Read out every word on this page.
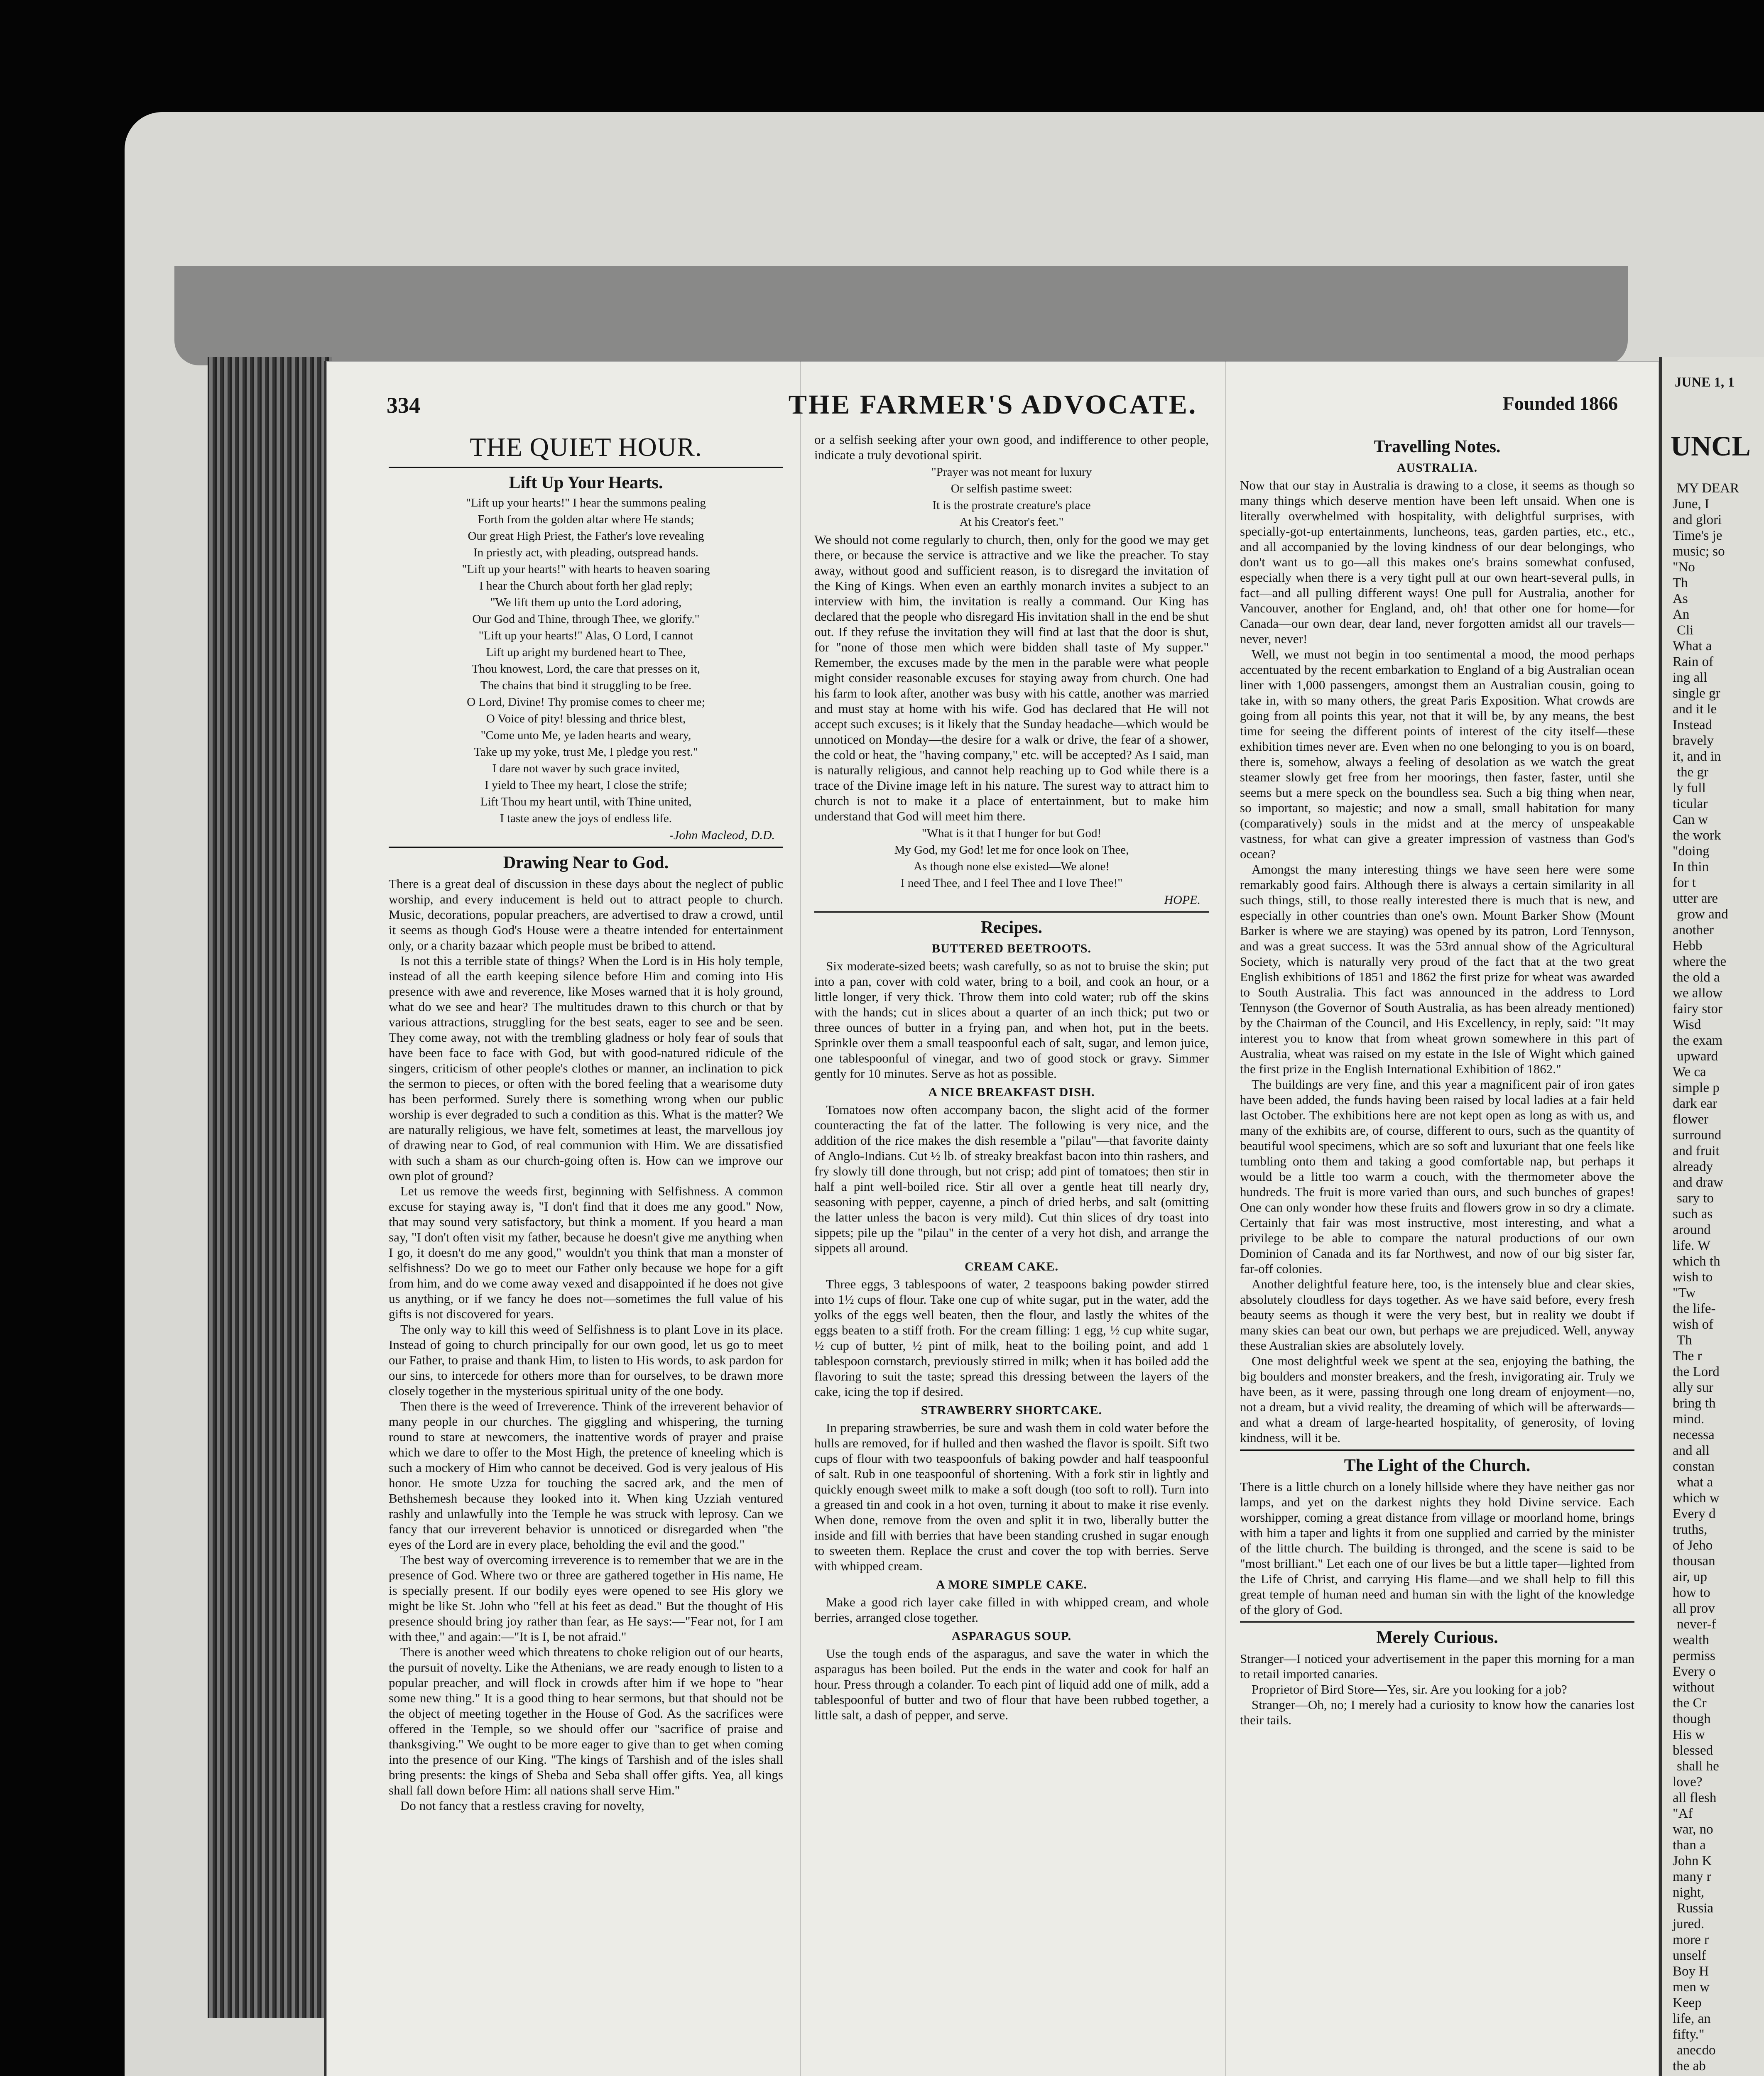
334	THE FARMER'S ADVOCATE.	Founded 1866
THE QUIET HOUR.
Lift Up Your Hearts.
"Lift up your hearts!" I hear the summons pealing
Forth from the golden altar where He stands;
Our great High Priest, the Father's love revealing
In priestly act, with pleading, outspread hands.
"Lift up your hearts!" with hearts to heaven soaring
I hear the Church about forth her glad reply;
"We lift them up unto the Lord adoring,
Our God and Thine, through Thee, we glorify."
"Lift up your hearts!" Alas, O Lord, I cannot
Lift up aright my burdened heart to Thee,
Thou knowest, Lord, the care that presses on it,
The chains that bind it struggling to be free.
O Lord, Divine! Thy promise comes to cheer me;
O Voice of pity! blessing and thrice blest,
"Come unto Me, ye laden hearts and weary,
Take up my yoke, trust Me, I pledge you rest."
I dare not waver by such grace invited,
I yield to Thee my heart, I close the strife;
Lift Thou my heart until, with Thine united,
I taste anew the joys of endless life.
-John Macleod, D.D.
Drawing Near to God.

There is a great deal of discussion in these days about the neglect of public worship, and every inducement is held out to attract people to church. Music, decorations, popular preachers, are advertised to draw a crowd, until it seems as though God's House were a theatre intended for entertainment only, or a charity bazaar which people must be bribed to attend.

Is not this a terrible state of things? When the Lord is in His holy temple, instead of all the earth keeping silence before Him and coming into His presence with awe and reverence, like Moses warned that it is holy ground, what do we see and hear? The multitudes drawn to this church or that by various attractions, struggling for the best seats, eager to see and be seen. They come away, not with the trembling gladness or holy fear of souls that have been face to face with God, but with good-natured ridicule of the singers, criticism of other people's clothes or manner, an inclination to pick the sermon to pieces, or often with the bored feeling that a wearisome duty has been performed. Surely there is something wrong when our public worship is ever degraded to such a condition as this. What is the matter? We are naturally religious, we have felt, sometimes at least, the marvellous joy of drawing near to God, of real communion with Him. We are dissatisfied with such a sham as our church-going often is. How can we improve our own plot of ground?

Let us remove the weeds first, beginning with Selfishness. A common excuse for staying away is, "I don't find that it does me any good." Now, that may sound very satisfactory, but think a moment. If you heard a man say, "I don't often visit my father, because he doesn't give me anything when I go, it doesn't do me any good," wouldn't you think that man a monster of selfishness? Do we go to meet our Father only because we hope for a gift from him, and do we come away vexed and disappointed if he does not give us anything, or if we fancy he does not—sometimes the full value of his gifts is not discovered for years.

The only way to kill this weed of Selfishness is to plant Love in its place. Instead of going to church principally for our own good, let us go to meet our Father, to praise and thank Him, to listen to His words, to ask pardon for our sins, to intercede for others more than for ourselves, to be drawn more closely together in the mysterious spiritual unity of the one body.

Then there is the weed of Irreverence. Think of the irreverent behavior of many people in our churches. The giggling and whispering, the turning round to stare at newcomers, the inattentive words of prayer and praise which we dare to offer to the Most High, the pretence of kneeling which is such a mockery of Him who cannot be deceived. God is very jealous of His honor. He smote Uzza for touching the sacred ark, and the men of Bethshemesh because they looked into it. When king Uzziah ventured rashly and unlawfully into the Temple he was struck with leprosy. Can we fancy that our irreverent behavior is unnoticed or disregarded when "the eyes of the Lord are in every place, beholding the evil and the good."

The best way of overcoming irreverence is to remember that we are in the presence of God. Where two or three are gathered together in His name, He is specially present. If our bodily eyes were opened to see His glory we might be like St. John who "fell at his feet as dead." But the thought of His presence should bring joy rather than fear, as He says:—"Fear not, for I am with thee," and again:—"It is I, be not afraid."

There is another weed which threatens to choke religion out of our hearts, the pursuit of novelty. Like the Athenians, we are ready enough to listen to a popular preacher, and will flock in crowds after him if we hope to "hear some new thing." It is a good thing to hear sermons, but that should not be the object of meeting together in the House of God. As the sacrifices were offered in the Temple, so we should offer our "sacrifice of praise and thanksgiving." We ought to be more eager to give than to get when coming into the presence of our King. "The kings of Tarshish and of the isles shall bring presents: the kings of Sheba and Seba shall offer gifts. Yea, all kings shall fall down before Him: all nations shall serve Him."

Do not fancy that a restless craving for novelty,

or a selfish seeking after your own good, and indifference to other people, indicate a truly devotional spirit.

"Prayer was not meant for luxury
Or selfish pastime sweet:
It is the prostrate creature's place
At his Creator's feet."

We should not come regularly to church, then, only for the good we may get there, or because the service is attractive and we like the preacher. To stay away, without good and sufficient reason, is to disregard the invitation of the King of Kings. When even an earthly monarch invites a subject to an interview with him, the invitation is really a command. Our King has declared that the people who disregard His invitation shall in the end be shut out. If they refuse the invitation they will find at last that the door is shut, for "none of those men which were bidden shall taste of My supper." Remember, the excuses made by the men in the parable were what people might consider reasonable excuses for staying away from church. One had his farm to look after, another was busy with his cattle, another was married and must stay at home with his wife. God has declared that He will not accept such excuses; is it likely that the Sunday headache—which would be unnoticed on Monday—the desire for a walk or drive, the fear of a shower, the cold or heat, the "having company," etc. will be accepted? As I said, man is naturally religious, and cannot help reaching up to God while there is a trace of the Divine image left in his nature. The surest way to attract him to church is not to make it a place of entertainment, but to make him understand that God will meet him there.

"What is it that I hunger for but God!
My God, my God! let me for once look on Thee,
As though none else existed—We alone!
I need Thee, and I feel Thee and I love Thee!"
HOPE.
Recipes.
BUTTERED BEETROOTS.

Six moderate-sized beets; wash carefully, so as not to bruise the skin; put into a pan, cover with cold water, bring to a boil, and cook an hour, or a little longer, if very thick. Throw them into cold water; rub off the skins with the hands; cut in slices about a quarter of an inch thick; put two or three ounces of butter in a frying pan, and when hot, put in the beets. Sprinkle over them a small teaspoonful each of salt, sugar, and lemon juice, one tablespoonful of vinegar, and two of good stock or gravy. Simmer gently for 10 minutes. Serve as hot as possible.

A NICE BREAKFAST DISH.

Tomatoes now often accompany bacon, the slight acid of the former counteracting the fat of the latter. The following is very nice, and the addition of the rice makes the dish resemble a "pilau"—that favorite dainty of Anglo-Indians. Cut ½ lb. of streaky breakfast bacon into thin rashers, and fry slowly till done through, but not crisp; add pint of tomatoes; then stir in half a pint well-boiled rice. Stir all over a gentle heat till nearly dry, seasoning with pepper, cayenne, a pinch of dried herbs, and salt (omitting the latter unless the bacon is very mild). Cut thin slices of dry toast into sippets; pile up the "pilau" in the center of a very hot dish, and arrange the sippets all around.

CREAM CAKE.

Three eggs, 3 tablespoons of water, 2 teaspoons baking powder stirred into 1½ cups of flour. Take one cup of white sugar, put in the water, add the yolks of the eggs well beaten, then the flour, and lastly the whites of the eggs beaten to a stiff froth. For the cream filling: 1 egg, ½ cup white sugar, ½ cup of butter, ½ pint of milk, heat to the boiling point, and add 1 tablespoon cornstarch, previously stirred in milk; when it has boiled add the flavoring to suit the taste; spread this dressing between the layers of the cake, icing the top if desired.

STRAWBERRY SHORTCAKE.

In preparing strawberries, be sure and wash them in cold water before the hulls are removed, for if hulled and then washed the flavor is spoilt. Sift two cups of flour with two teaspoonfuls of baking powder and half teaspoonful of salt. Rub in one teaspoonful of shortening. With a fork stir in lightly and quickly enough sweet milk to make a soft dough (too soft to roll). Turn into a greased tin and cook in a hot oven, turning it about to make it rise evenly. When done, remove from the oven and split it in two, liberally butter the inside and fill with berries that have been standing crushed in sugar enough to sweeten them. Replace the crust and cover the top with berries. Serve with whipped cream.

A MORE SIMPLE CAKE.

Make a good rich layer cake filled in with whipped cream, and whole berries, arranged close together.

ASPARAGUS SOUP.

Use the tough ends of the asparagus, and save the water in which the asparagus has been boiled. Put the ends in the water and cook for half an hour. Press through a colander. To each pint of liquid add one of milk, add a tablespoonful of butter and two of flour that have been rubbed together, a little salt, a dash of pepper, and serve.

Travelling Notes.
AUSTRALIA.

Now that our stay in Australia is drawing to a close, it seems as though so many things which deserve mention have been left unsaid. When one is literally overwhelmed with hospitality, with delightful surprises, with specially-got-up entertainments, luncheons, teas, garden parties, etc., etc., and all accompanied by the loving kindness of our dear belongings, who don't want us to go—all this makes one's brains somewhat confused, especially when there is a very tight pull at our own heart-several pulls, in fact—and all pulling different ways! One pull for Australia, another for Vancouver, another for England, and, oh! that other one for home—for Canada—our own dear, dear land, never forgotten amidst all our travels—never, never!

Well, we must not begin in too sentimental a mood, the mood perhaps accentuated by the recent embarkation to England of a big Australian ocean liner with 1,000 passengers, amongst them an Australian cousin, going to take in, with so many others, the great Paris Exposition. What crowds are going from all points this year, not that it will be, by any means, the best time for seeing the different points of interest of the city itself—these exhibition times never are. Even when no one belonging to you is on board, there is, somehow, always a feeling of desolation as we watch the great steamer slowly get free from her moorings, then faster, faster, until she seems but a mere speck on the boundless sea. Such a big thing when near, so important, so majestic; and now a small, small habitation for many (comparatively) souls in the midst and at the mercy of unspeakable vastness, for what can give a greater impression of vastness than God's ocean?

Amongst the many interesting things we have seen here were some remarkably good fairs. Although there is always a certain similarity in all such things, still, to those really interested there is much that is new, and especially in other countries than one's own. Mount Barker Show (Mount Barker is where we are staying) was opened by its patron, Lord Tennyson, and was a great success. It was the 53rd annual show of the Agricultural Society, which is naturally very proud of the fact that at the two great English exhibitions of 1851 and 1862 the first prize for wheat was awarded to South Australia. This fact was announced in the address to Lord Tennyson (the Governor of South Australia, as has been already mentioned) by the Chairman of the Council, and His Excellency, in reply, said: "It may interest you to know that from wheat grown somewhere in this part of Australia, wheat was raised on my estate in the Isle of Wight which gained the first prize in the English International Exhibition of 1862."

The buildings are very fine, and this year a magnificent pair of iron gates have been added, the funds having been raised by local ladies at a fair held last October. The exhibitions here are not kept open as long as with us, and many of the exhibits are, of course, different to ours, such as the quantity of beautiful wool specimens, which are so soft and luxuriant that one feels like tumbling onto them and taking a good comfortable nap, but perhaps it would be a little too warm a couch, with the thermometer above the hundreds. The fruit is more varied than ours, and such bunches of grapes! One can only wonder how these fruits and flowers grow in so dry a climate. Certainly that fair was most instructive, most interesting, and what a privilege to be able to compare the natural productions of our own Dominion of Canada and its far Northwest, and now of our big sister far, far-off colonies.

Another delightful feature here, too, is the intensely blue and clear skies, absolutely cloudless for days together. As we have said before, every fresh beauty seems as though it were the very best, but in reality we doubt if many skies can beat our own, but perhaps we are prejudiced. Well, anyway these Australian skies are absolutely lovely.

One most delightful week we spent at the sea, enjoying the bathing, the big boulders and monster breakers, and the fresh, invigorating air. Truly we have been, as it were, passing through one long dream of enjoyment—no, not a dream, but a vivid reality, the dreaming of which will be afterwards—and what a dream of large-hearted hospitality, of generosity, of loving kindness, will it be.

The Light of the Church.

There is a little church on a lonely hillside where they have neither gas nor lamps, and yet on the darkest nights they hold Divine service. Each worshipper, coming a great distance from village or moorland home, brings with him a taper and lights it from one supplied and carried by the minister of the little church. The building is thronged, and the scene is said to be "most brilliant." Let each one of our lives be but a little taper—lighted from the Life of Christ, and carrying His flame—and we shall help to fill this great temple of human need and human sin with the light of the knowledge of the glory of God.

Merely Curious.

Stranger—I noticed your advertisement in the paper this morning for a man to retail imported canaries.

Proprietor of Bird Store—Yes, sir. Are you looking for a job?

Stranger—Oh, no; I merely had a curiosity to know how the canaries lost their tails.

JUNE 1, 1
UNCL
MY DEAR
June, I
and glori
Time's je
music; so
"No
Th
As
An
Cli
What a
Rain of
ing all
single gr
and it le
Instead
bravely
it, and in
the gr
ly full
ticular
Can w
the work
"doing
In thin
for t
utter are
grow and
another
Hebb
where the
the old a
we allow
fairy stor
Wisd
the exam
upward
We ca
simple p
dark ear
flower
surround
and fruit
already
and draw
sary to
such as
around
life. W
which th
wish to
"Tw
the life-
wish of
Th
The r
the Lord
ally sur
bring th
mind.
necessa
and all
constan
what a
which w
Every d
truths,
of Jeho
thousan
air, up
how to
all prov
never-f
wealth
permiss
Every o
without
the Cr
though
His w
blessed
shall he
love?
all flesh
"Af
war, no
than a
John K
many r
night,
Russia
jured.
more r
unself
Boy H
men w
Keep
life, an
fifty."
anecdo
the ab
